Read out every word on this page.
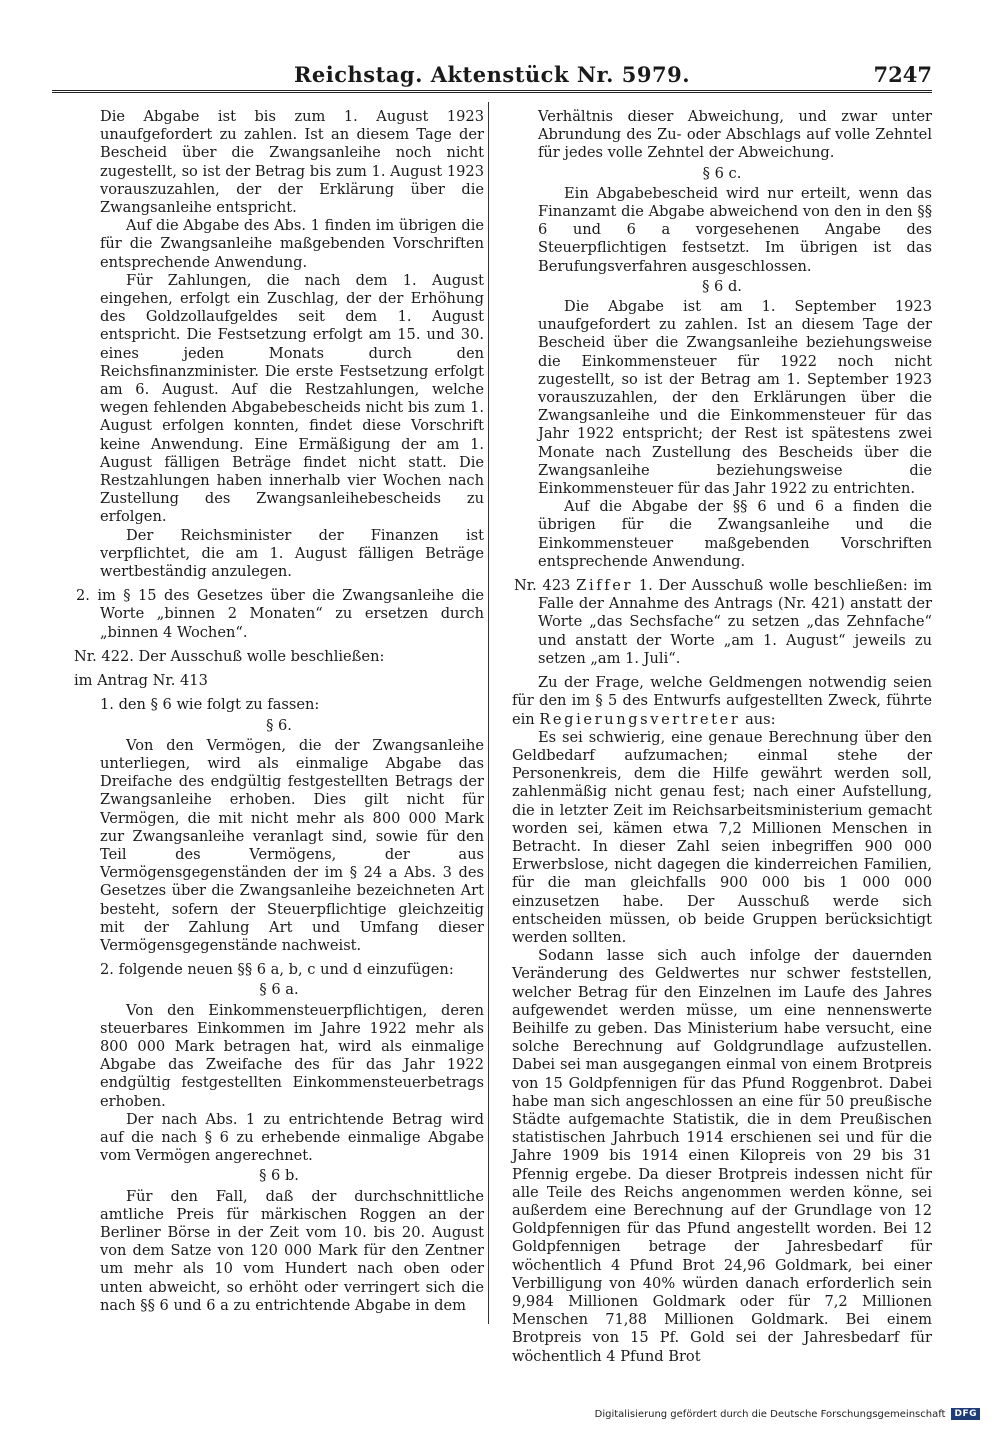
Reichstag. Aktenstück Nr. 5979.	7247

Die Abgabe ist bis zum 1. August 1923 unaufgefordert zu zahlen. Ist an diesem Tage der Bescheid über die Zwangsanleihe noch nicht zugestellt, so ist der Betrag bis zum 1. August 1923 vorauszuzahlen, der der Erklärung über die Zwangsanleihe entspricht.

Auf die Abgabe des Abs. 1 finden im übrigen die für die Zwangsanleihe maßgebenden Vorschriften entsprechende Anwendung.

Für Zahlungen, die nach dem 1. August eingehen, erfolgt ein Zuschlag, der der Erhöhung des Goldzollaufgeldes seit dem 1. August entspricht. Die Festsetzung erfolgt am 15. und 30. eines jeden Monats durch den Reichsfinanzminister. Die erste Festsetzung erfolgt am 6. August. Auf die Restzahlungen, welche wegen fehlenden Abgabebescheids nicht bis zum 1. August erfolgen konnten, findet diese Vorschrift keine Anwendung. Eine Ermäßigung der am 1. August fälligen Beträge findet nicht statt. Die Restzahlungen haben innerhalb vier Wochen nach Zustellung des Zwangsanleihebescheids zu erfolgen.

Der Reichsminister der Finanzen ist verpflichtet, die am 1. August fälligen Beträge wertbeständig anzulegen.

2. im § 15 des Gesetzes über die Zwangsanleihe die Worte „binnen 2 Monaten“ zu ersetzen durch „binnen 4 Wochen“.

Nr. 422. Der Ausschuß wolle beschließen:

im Antrag Nr. 413

1. den § 6 wie folgt zu fassen:

§ 6.

Von den Vermögen, die der Zwangsanleihe unterliegen, wird als einmalige Abgabe das Dreifache des endgültig festgestellten Betrags der Zwangsanleihe erhoben. Dies gilt nicht für Vermögen, die mit nicht mehr als 800 000 Mark zur Zwangsanleihe veranlagt sind, sowie für den Teil des Vermögens, der aus Vermögensgegenständen der im § 24 a Abs. 3 des Gesetzes über die Zwangsanleihe bezeichneten Art besteht, sofern der Steuerpflichtige gleichzeitig mit der Zahlung Art und Umfang dieser Vermögensgegenstände nachweist.

2. folgende neuen §§ 6 a, b, c und d einzufügen:

§ 6 a.

Von den Einkommensteuerpflichtigen, deren steuerbares Einkommen im Jahre 1922 mehr als 800 000 Mark betragen hat, wird als einmalige Abgabe das Zweifache des für das Jahr 1922 endgültig festgestellten Einkommensteuerbetrags erhoben.

Der nach Abs. 1 zu entrichtende Betrag wird auf die nach § 6 zu erhebende einmalige Abgabe vom Vermögen angerechnet.

§ 6 b.

Für den Fall, daß der durchschnittliche amtliche Preis für märkischen Roggen an der Berliner Börse in der Zeit vom 10. bis 20. August von dem Satze von 120 000 Mark für den Zentner um mehr als 10 vom Hundert nach oben oder unten abweicht, so erhöht oder verringert sich die nach §§ 6 und 6 a zu entrichtende Abgabe in dem

Verhältnis dieser Abweichung, und zwar unter Abrundung des Zu- oder Abschlags auf volle Zehntel für jedes volle Zehntel der Abweichung.

§ 6 c.

Ein Abgabebescheid wird nur erteilt, wenn das Finanzamt die Abgabe abweichend von den in den §§ 6 und 6 a vorgesehenen Angabe des Steuerpflichtigen festsetzt. Im übrigen ist das Berufungsverfahren ausgeschlossen.

§ 6 d.

Die Abgabe ist am 1. September 1923 unaufgefordert zu zahlen. Ist an diesem Tage der Bescheid über die Zwangsanleihe beziehungsweise die Einkommensteuer für 1922 noch nicht zugestellt, so ist der Betrag am 1. September 1923 vorauszuzahlen, der den Erklärungen über die Zwangsanleihe und die Einkommensteuer für das Jahr 1922 entspricht; der Rest ist spätestens zwei Monate nach Zustellung des Bescheids über die Zwangsanleihe beziehungsweise die Einkommensteuer für das Jahr 1922 zu entrichten.

Auf die Abgabe der §§ 6 und 6 a finden die übrigen für die Zwangsanleihe und die Einkommensteuer maßgebenden Vorschriften entsprechende Anwendung.

Nr. 423 Ziffer 1. Der Ausschuß wolle beschließen: im Falle der Annahme des Antrags (Nr. 421) anstatt der Worte „das Sechsfache“ zu setzen „das Zehnfache“ und anstatt der Worte „am 1. August“ jeweils zu setzen „am 1. Juli“.

Zu der Frage, welche Geldmengen notwendig seien für den im § 5 des Entwurfs aufgestellten Zweck, führte ein Regierungsvertreter aus:

Es sei schwierig, eine genaue Berechnung über den Geldbedarf aufzumachen; einmal stehe der Personenkreis, dem die Hilfe gewährt werden soll, zahlenmäßig nicht genau fest; nach einer Aufstellung, die in letzter Zeit im Reichsarbeitsministerium gemacht worden sei, kämen etwa 7,2 Millionen Menschen in Betracht. In dieser Zahl seien inbegriffen 900 000 Erwerbslose, nicht dagegen die kinderreichen Familien, für die man gleichfalls 900 000 bis 1 000 000 einzusetzen habe. Der Ausschuß werde sich entscheiden müssen, ob beide Gruppen berücksichtigt werden sollten.

Sodann lasse sich auch infolge der dauernden Veränderung des Geldwertes nur schwer feststellen, welcher Betrag für den Einzelnen im Laufe des Jahres aufgewendet werden müsse, um eine nennenswerte Beihilfe zu geben. Das Ministerium habe versucht, eine solche Berechnung auf Goldgrundlage aufzustellen. Dabei sei man ausgegangen einmal von einem Brotpreis von 15 Goldpfennigen für das Pfund Roggenbrot. Dabei habe man sich angeschlossen an eine für 50 preußische Städte aufgemachte Statistik, die in dem Preußischen statistischen Jahrbuch 1914 erschienen sei und für die Jahre 1909 bis 1914 einen Kilopreis von 29 bis 31 Pfennig ergebe. Da dieser Brotpreis indessen nicht für alle Teile des Reichs angenommen werden könne, sei außerdem eine Berechnung auf der Grundlage von 12 Goldpfennigen für das Pfund angestellt worden. Bei 12 Goldpfennigen betrage der Jahresbedarf für wöchentlich 4 Pfund Brot 24,96 Goldmark, bei einer Verbilligung von 40% würden danach erforderlich sein 9,984 Millionen Goldmark oder für 7,2 Millionen Menschen 71,88 Millionen Goldmark. Bei einem Brotpreis von 15 Pf. Gold sei der Jahresbedarf für wöchentlich 4 Pfund Brot

Digitalisierung gefördert durch die Deutsche Forschungsgemeinschaft	DFG
